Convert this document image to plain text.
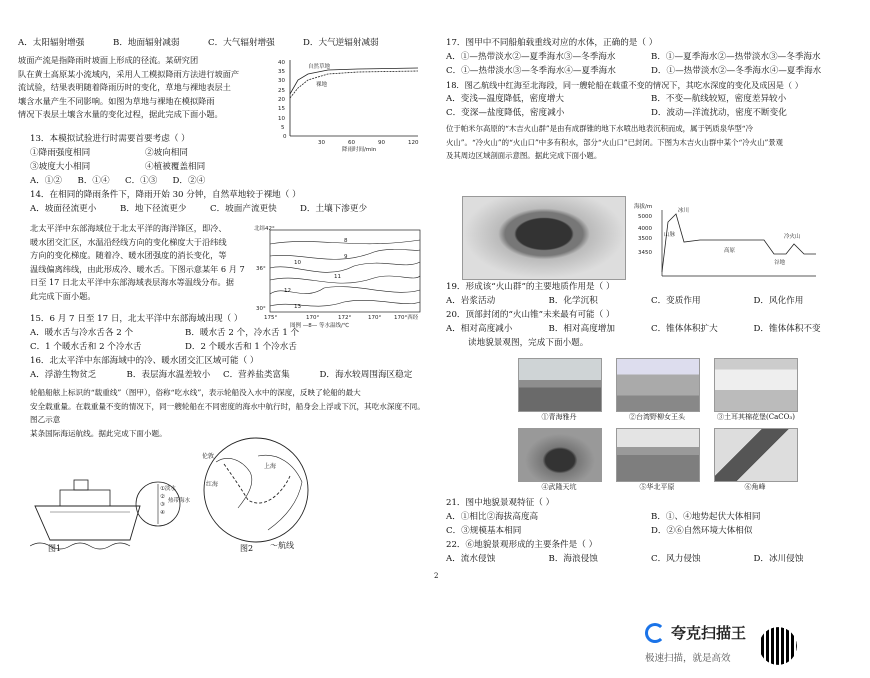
A．太阳辐射增强	B．地面辐射减弱	C．大气辐射增强	D．大气逆辐射减弱
坡面产流是指降雨时坡面上形成的径流。某研究团
队在黄土高原某小流域内，采用人工模拟降雨方法进行坡面产
流试验，结果表明随着降雨历时的变化，草地与裸地表层土
壤含水量产生不同影响。如图为草地与裸地在模拟降雨
情况下表层土壤含水量的变化过程，据此完成下面小题。
40
35
30
25
20
15
10
5
0
30	60	90	120
降雨时间/min
自然草地
裸地
13．本模拟试验进行时需要首要考虑（ ）
①降雨强度相同	②坡向相同
③坡度大小相同	④植被覆盖相同
A．①②	B．①④	C．①③	D．②④
14．在相同的降雨条件下，降雨开始 30 分钟，自然草地较于裸地（ ）
A．坡面径流更小	B．地下径流更少	C．坡面产流更快	D．土壤下渗更少
北太平洋中东部海域位于北太平洋的海洋锋区，即冷、
暖水团交汇区，水温沿经线方向的变化梯度大于沿纬线
方向的变化梯度。随着冷、暖水团强度的消长变化，等
温线偏离纬线，由此形成冷、暖水舌。下图示意某年 6 月 7
日至 17 日北太平洋中东部海域表层海水等温线分布。据
此完成下面小题。
北纬42°
36°
30°
175°	170°	172°	170° 170°西经
8
9
10
11
12
13
图例 —8— 等水温线/℃
15．6 月 7 日至 17 日，北太平洋中东部海域出现（ ）
A．暖水舌与冷水舌各 2 个	B．暖水舌 2 个，冷水舌 1 个
C．1 个暖水舌和 2 个冷水舌	D．2 个暖水舌和 1 个冷水舌
16．北太平洋中东部海域中的冷、暖水团交汇区域可能（ ）
A．浮游生物贫乏	B．表层海水温差较小	C．营养盐类富集	D．海水较周围海区稳定
轮船船舷上标识的“载重线”（图甲），俗称“吃水线”，表示轮船没入水中的深度，反映了轮船的最大
安全载重量。在载重量不变的情况下，同一艘轮船在不同密度的海水中航行时，船身会上浮或下沉，其吃水深度不同。图乙示意
某条国际海运航线。据此完成下面小题。
①淡水
②
③
④
热带海水
图1
伦敦
红海
上海
图2 ～航线
17．图甲中不同船舶载重线对应的水体，正确的是（ ）
A．①—热带淡水②—夏季海水③—冬季海水	B．①—夏季海水②—热带淡水③—冬季海水
C．①—热带淡水③—冬季海水④—夏季海水	D．①—热带淡水②—冬季海水④—夏季海水
18．图乙航线中红海至北海段，同一艘轮船在载重不变的情况下，其吃水深度的变化及成因是（ ）
A．变浅—温度降低，密度增大	B．不变—航线较短，密度差异较小
C．变深—盐度降低，密度减小	D．波动—洋流扰动，密度不断变化
位于帕米尔高原的“木吉火山群”是由有成群锥的地下水喷出地表沉积而成，属于钙质泉华型“冷
火山”。“冷火山”的“火山口”中多有积水，部分“火山口”已封闭。下图为木吉火山群中某个“冷火山”景观
及其周边区域剖面示意图。据此完成下面小题。
海拔/m
5000
4000
3500
3450
冰川
山脉
高原
冷火山
谷地
19．形成该“火山群”的主要地质作用是（ ）
A．岩浆活动	B．化学沉积	C．变质作用	D．风化作用
20．顶部封闭的“火山锥”未来最有可能（ ）
A．相对高度减小	B．相对高度增加	C．锥体体积扩大	D．锥体体积不变
读地貌景观图，完成下面小题。
①青海雅丹	②台湾野柳女王头	③土耳其棉花堡(CaCO₃)
④武隆天坑	⑤华北平原	⑥角峰
21．图中地貌景观特征（ ）
A．①相比②海拔高度高	B．①、④地势起伏大体相同
C．③规模基本相同	D．②⑥自然环境大体相似
22．⑥地貌景观形成的主要条件是（ ）
A．流水侵蚀	B．海浪侵蚀	C．风力侵蚀	D．冰川侵蚀
2
夸克扫描王
极速扫描，就是高效
